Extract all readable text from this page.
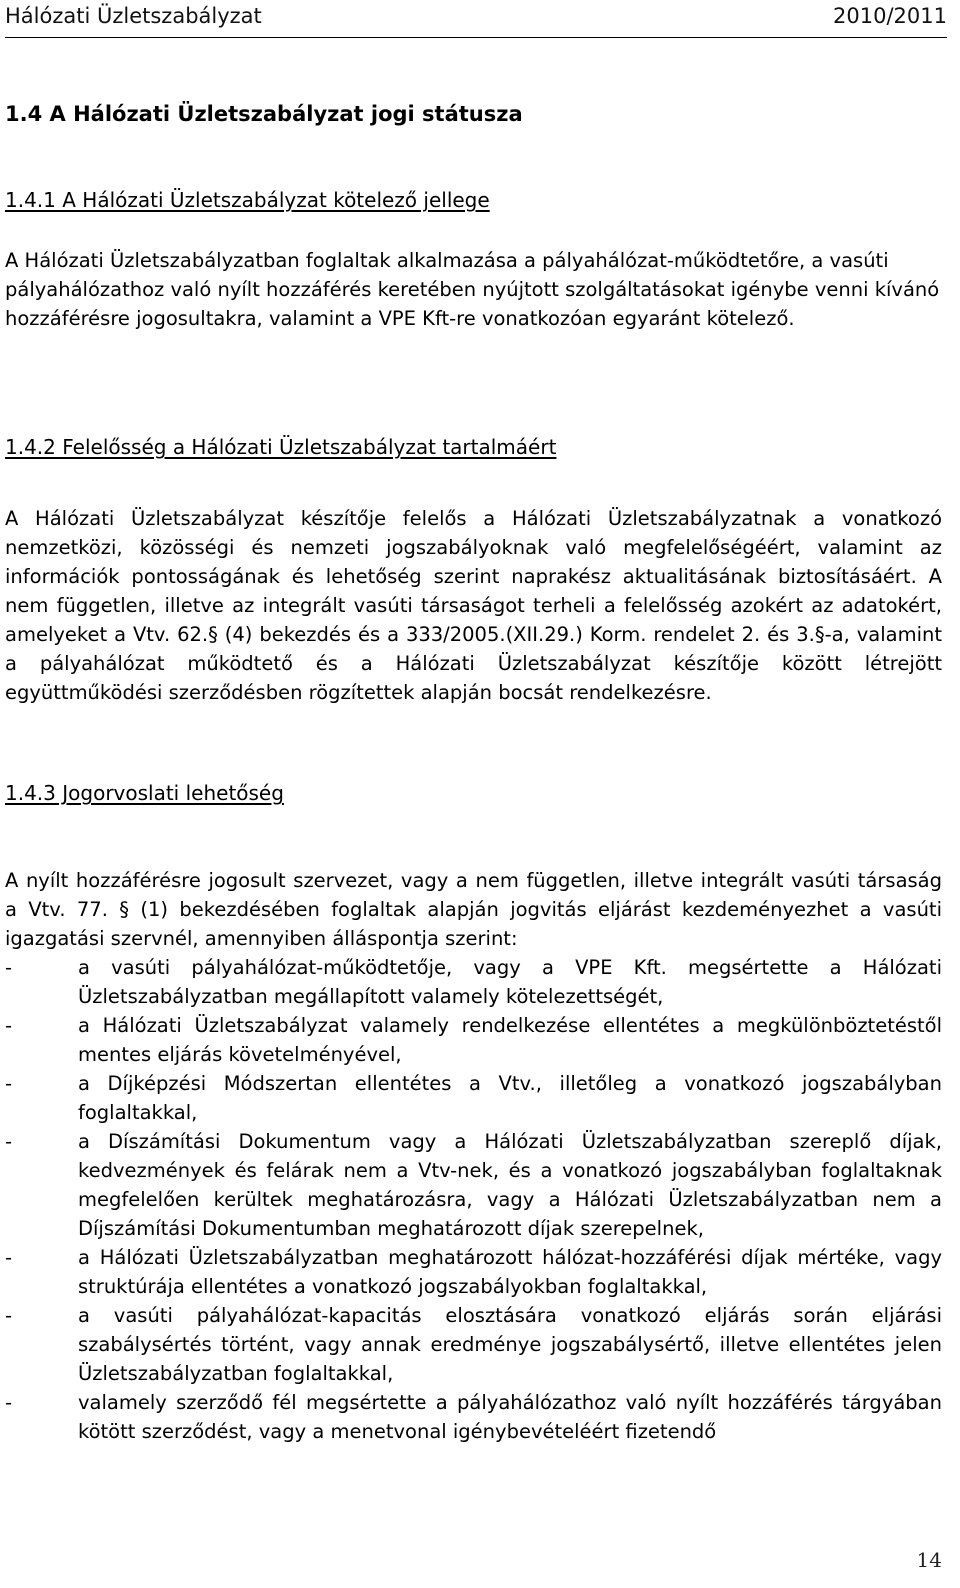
Hálózati Üzletszabályzat	2010/2011
1.4 A Hálózati Üzletszabályzat jogi státusza
1.4.1 A Hálózati Üzletszabályzat kötelező jellege
A Hálózati Üzletszabályzatban foglaltak alkalmazása a pályahálózat-működtetőre, a vasúti pályahálózathoz való nyílt hozzáférés keretében nyújtott szolgáltatásokat igénybe venni kívánó hozzáférésre jogosultakra, valamint a VPE Kft-re vonatkozóan egyaránt kötelező.
1.4.2 Felelősség a Hálózati Üzletszabályzat tartalmáért
A Hálózati Üzletszabályzat készítője felelős a Hálózati Üzletszabályzatnak a vonatkozó nemzetközi, közösségi és nemzeti jogszabályoknak való megfelelőségéért, valamint az információk pontosságának és lehetőség szerint naprakész aktualitásának biztosításáért. A nem független, illetve az integrált vasúti társaságot terheli a felelősség azokért az adatokért, amelyeket a Vtv. 62.§ (4) bekezdés és a 333/2005.(XII.29.) Korm. rendelet 2. és 3.§-a, valamint a pályahálózat működtető és a Hálózati Üzletszabályzat készítője között létrejött együttműködési szerződésben rögzítettek alapján bocsát rendelkezésre.
1.4.3 Jogorvoslati lehetőség
A nyílt hozzáférésre jogosult szervezet, vagy a nem független, illetve integrált vasúti társaság a Vtv. 77. § (1) bekezdésében foglaltak alapján jogvitás eljárást kezdeményezhet a vasúti igazgatási szervnél, amennyiben álláspontja szerint:
-	a vasúti pályahálózat-működtetője, vagy a VPE Kft. megsértette a Hálózati Üzletszabályzatban megállapított valamely kötelezettségét,
-	a Hálózati Üzletszabályzat valamely rendelkezése ellentétes a megkülönböztetéstől mentes eljárás követelményével,
-	a Díjképzési Módszertan ellentétes a Vtv., illetőleg a vonatkozó jogszabályban foglaltakkal,
-	a Díszámítási Dokumentum vagy a Hálózati Üzletszabályzatban szereplő díjak, kedvezmények és felárak nem a Vtv-nek, és a vonatkozó jogszabályban foglaltaknak megfelelően kerültek meghatározásra, vagy a Hálózati Üzletszabályzatban nem a Díjszámítási Dokumentumban meghatározott díjak szerepelnek,
-	a Hálózati Üzletszabályzatban meghatározott hálózat-hozzáférési díjak mértéke, vagy struktúrája ellentétes a vonatkozó jogszabályokban foglaltakkal,
-	a vasúti pályahálózat-kapacitás elosztására vonatkozó eljárás során eljárási szabálysértés történt, vagy annak eredménye jogszabálysértő, illetve ellentétes jelen Üzletszabályzatban foglaltakkal,
-	valamely szerződő fél megsértette a pályahálózathoz való nyílt hozzáférés tárgyában kötött szerződést, vagy a menetvonal igénybevételéért fizetendő
14
